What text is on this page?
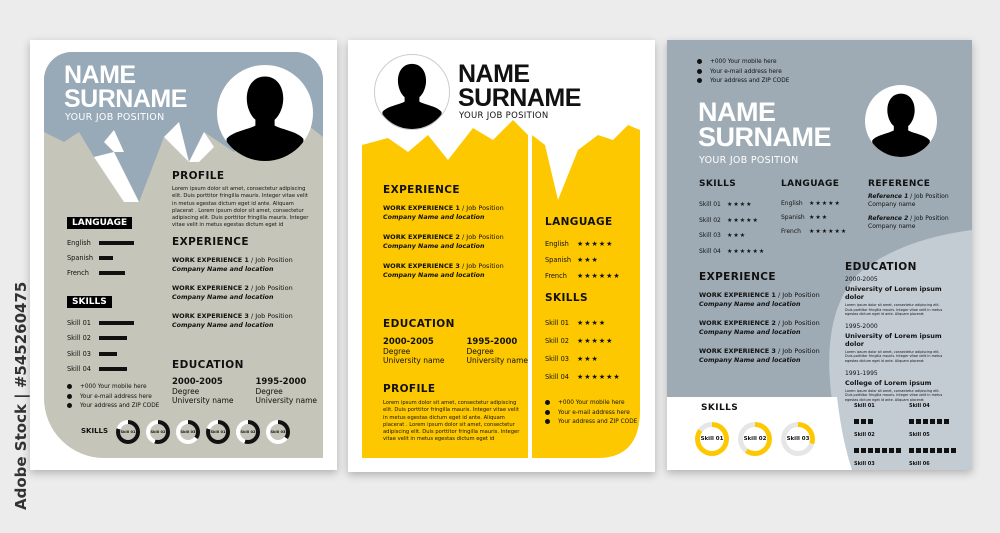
Adobe Stock | #545260475
NAME
SURNAME
YOUR JOB POSITION
PROFILE
Lorem ipsum dolor sit amet, consectetur adipiscing elit. Duis porttitor fringilla mauris. Integer vitae velit in metus egestas dictum eget id ante. Aliquam placerat . Lorem ipsum dolor sit amet, consectetur adipiscing elit. Duis porttitor fringilla mauris. Integer vitae velit in metus egestas dictum eget id
LANGUAGE
English
Spanish
French
SKILLS
Skill 01
Skill 02
Skill 03
Skill 04
+000 Your mobile here
Your e-mail address here
Your address and ZIP CODE
EXPERIENCE
WORK EXPERIENCE 1 / Job Position
Company Name and location
WORK EXPERIENCE 2 / Job Position
Company Name and location
WORK EXPERIENCE 3 / Job Position
Company Name and location
EDUCATION
2000-2005
Degree
University name
1995-2000
Degree
University name
SKILLS	Skill 01	Skill 02	Skill 03	Skill 01	Skill 02	Skill 03
NAME
SURNAME
YOUR JOB POSITION
EXPERIENCE
WORK EXPERIENCE 1 / Job Position
Company Name and location
WORK EXPERIENCE 2 / Job Position
Company Name and location
WORK EXPERIENCE 3 / Job Position
Company Name and location
EDUCATION
2000-2005
Degree
University name
1995-2000
Degree
University name
PROFILE
Lorem ipsum dolor sit amet, consectetur adipiscing elit. Duis porttitor fringilla mauris. Integer vitae velit in metus egestas dictum eget id ante. Aliquam placerat . Lorem ipsum dolor sit amet, consectetur adipiscing elit. Duis porttitor fringilla mauris. Integer vitae velit in metus egestas dictum eget id
LANGUAGE
English	★★★★★
Spanish ★★★
French	★★★★★★
SKILLS
Skill 01 ★★★★
Skill 02 ★★★★★
Skill 03 ★★★
Skill 04 ★★★★★★
+000 Your mobile here
Your e-mail address here
Your address and ZIP CODE
+000 Your mobile here
Your e-mail address here
Your address and ZIP CODE
NAME
SURNAME
YOUR JOB POSITION
SKILLS
Skill 01 ★★★★
Skill 02 ★★★★★
Skill 03 ★★★
Skill 04 ★★★★★★
LANGUAGE
English ★★★★★
Spanish ★★★
French	★★★★★★
REFERENCE
Reference 1 / Job Position
Company name
Reference 2 / Job Position
Company name
EXPERIENCE
WORK EXPERIENCE 1 / Job Position
Company Name and location
WORK EXPERIENCE 2 / Job Position
Company Name and location
WORK EXPERIENCE 3 / Job Position
Company Name and location
EDUCATION
2000-2005
University of Lorem ipsum dolor
Lorem ipsum dolor sit amet, consectetur adipiscing elit. Duis porttitor fringilla mauris. Integer vitae velit in metus egestas dictum eget id ante. Aliquam placerat
1995-2000
University of Lorem ipsum dolor
Lorem ipsum dolor sit amet, consectetur adipiscing elit. Duis porttitor fringilla mauris. Integer vitae velit in metus egestas dictum eget id ante. Aliquam placerat
1991-1995
College of Lorem ipsum
Lorem ipsum dolor sit amet, consectetur adipiscing elit. Duis porttitor fringilla mauris. Integer vitae velit in metus egestas dictum eget id ante. Aliquam placerat
SKILLS
Skill 01	Skill 02	Skill 03
Skill 01	Skill 04
Skill 02	Skill 05
Skill 03	Skill 06
